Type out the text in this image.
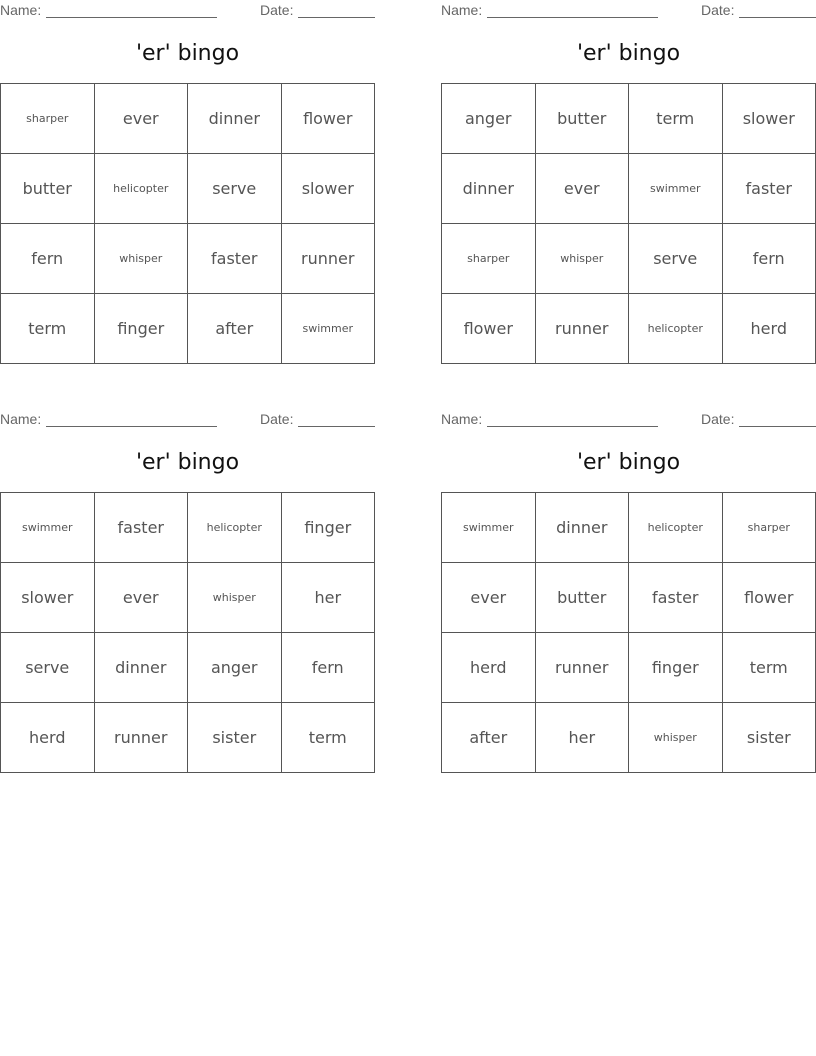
Name:	Date:
'er' bingo
sharper	ever	dinner	flower
butter	helicopter	serve	slower
fern	whisper	faster	runner
term	finger	after	swimmer
Name:	Date:
'er' bingo
anger	butter	term	slower
dinner	ever	swimmer	faster
sharper	whisper	serve	fern
flower	runner	helicopter	herd
Name:	Date:
'er' bingo
swimmer	faster	helicopter	finger
slower	ever	whisper	her
serve	dinner	anger	fern
herd	runner	sister	term
Name:	Date:
'er' bingo
swimmer	dinner	helicopter	sharper
ever	butter	faster	flower
herd	runner	finger	term
after	her	whisper	sister
